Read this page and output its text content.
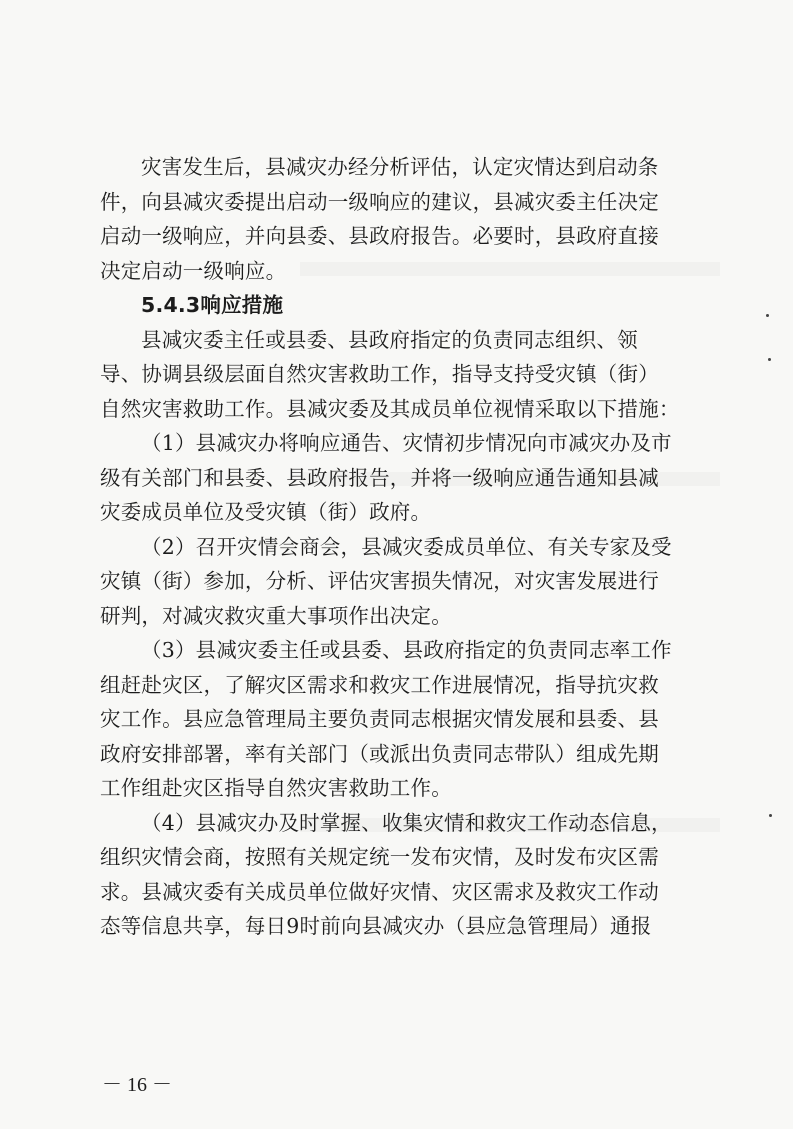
灾害发生后，县减灾办经分析评估，认定灾情达到启动条
件，向县减灾委提出启动一级响应的建议，县减灾委主任决定
启动一级响应，并向县委、县政府报告。必要时，县政府直接
决定启动一级响应。
5.4.3响应措施
县减灾委主任或县委、县政府指定的负责同志组织、领
导、协调县级层面自然灾害救助工作，指导支持受灾镇（街）
自然灾害救助工作。县减灾委及其成员单位视情采取以下措施：
（1）县减灾办将响应通告、灾情初步情况向市减灾办及市
级有关部门和县委、县政府报告，并将一级响应通告通知县减
灾委成员单位及受灾镇（街）政府。
（2）召开灾情会商会，县减灾委成员单位、有关专家及受
灾镇（街）参加，分析、评估灾害损失情况，对灾害发展进行
研判，对减灾救灾重大事项作出决定。
（3）县减灾委主任或县委、县政府指定的负责同志率工作
组赶赴灾区，了解灾区需求和救灾工作进展情况，指导抗灾救
灾工作。县应急管理局主要负责同志根据灾情发展和县委、县
政府安排部署，率有关部门（或派出负责同志带队）组成先期
工作组赴灾区指导自然灾害救助工作。
（4）县减灾办及时掌握、收集灾情和救灾工作动态信息，
组织灾情会商，按照有关规定统一发布灾情，及时发布灾区需
求。县减灾委有关成员单位做好灾情、灾区需求及救灾工作动
态等信息共享，每日9时前向县减灾办（县应急管理局）通报
－ 16 －
